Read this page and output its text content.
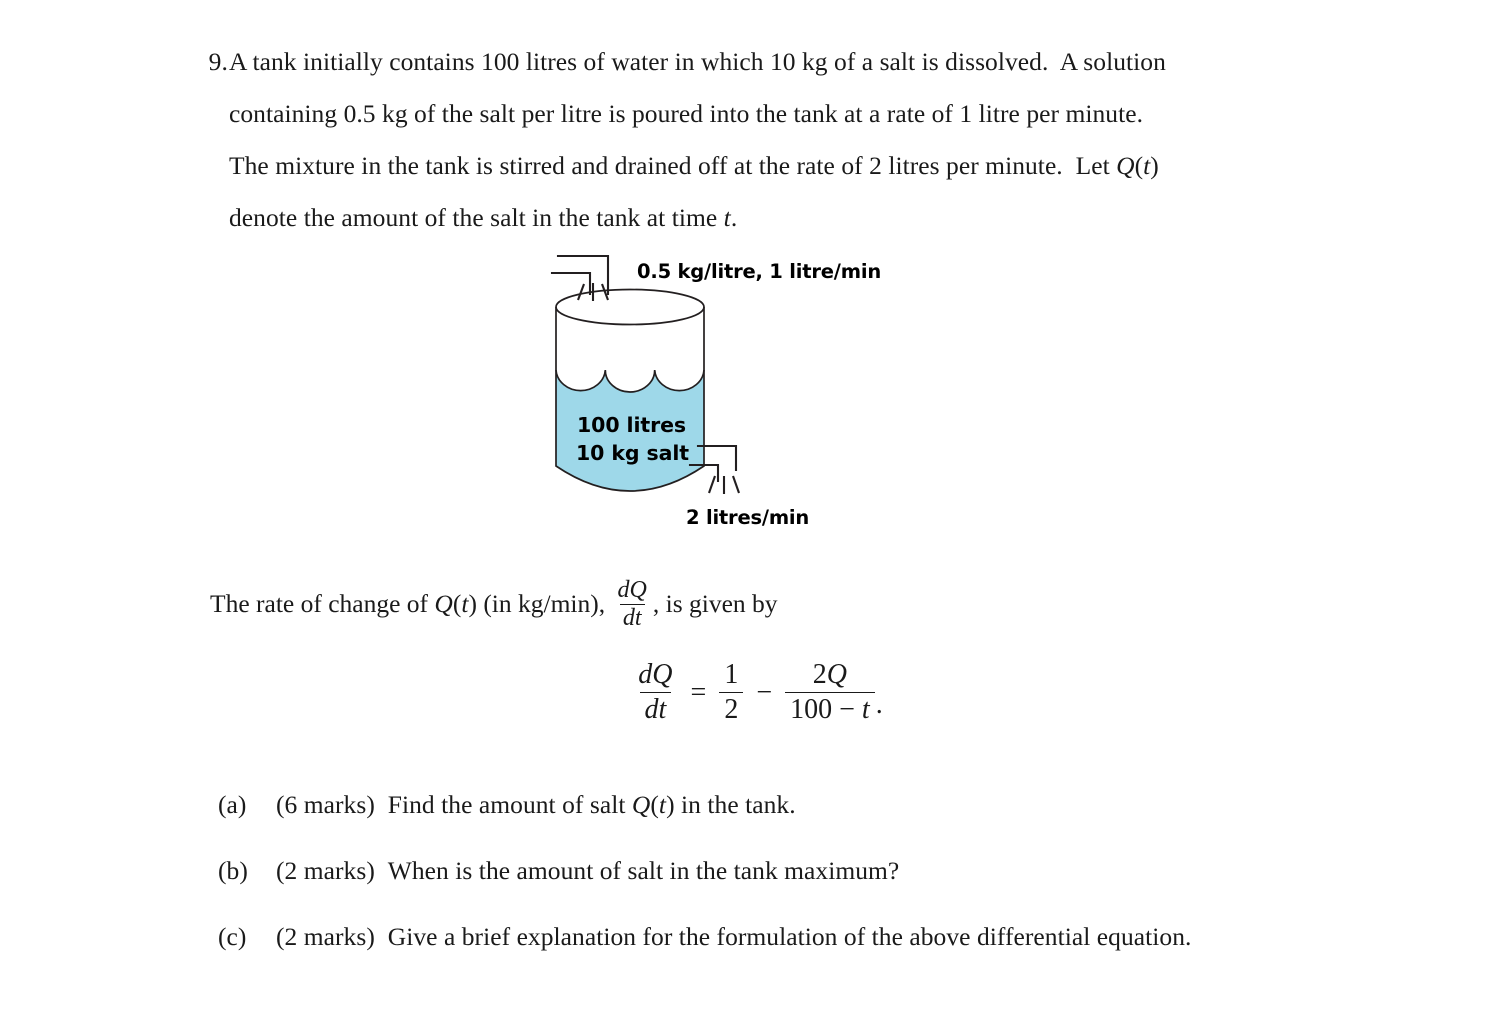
9. A tank initially contains 100 litres of water in which 10 kg of a salt is dissolved.  A solution
containing 0.5 kg of the salt per litre is poured into the tank at a rate of 1 litre per minute.
The mixture in the tank is stirred and drained off at the rate of 2 litres per minute.  Let Q(t)
denote the amount of the salt in the tank at time t.
0.5 kg/litre, 1 litre/min
100 litres
10 kg salt
2 litres/min
The rate of change of
Q (t)
(in kg/min),
$\frac{dQ}{dt}$ , is given by
$\frac{dQ}{dt} = \frac{1}{2} - \frac{2Q}{100 - t}$ .
(a)	(6 marks) Find the amount of salt Q(t) in the tank.
(b)	(2 marks) When is the amount of salt in the tank maximum?
(c)	(2 marks) Give a brief explanation for the formulation of the above differential equation.
